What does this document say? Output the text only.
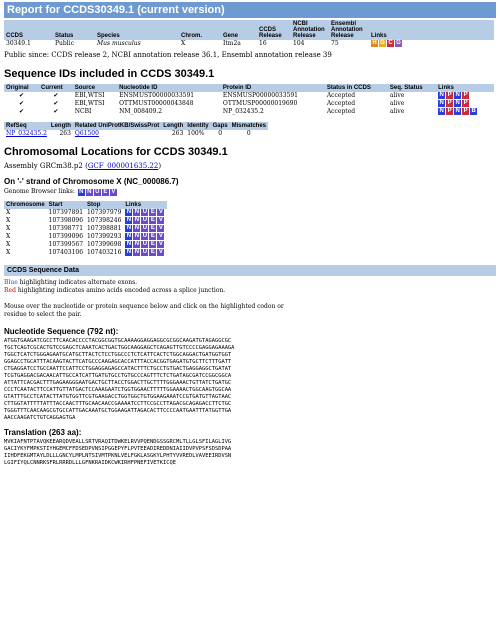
Report for CCDS30349.1 (current version)
CCDS	Status	Species	Chrom.	Gene	CCDS Release	NCBI Annotation Release	Ensembl Annotation Release	Links
30349.1	Public	Mus musculus	X	Itm2a	16	104	75	H G C G
Public since: CCDS release 2, NCBI annotation release 36.1, Ensembl annotation release 39
Sequence IDs included in CCDS 30349.1
Original	Current	Source	Nucleotide ID	Protein ID	Status in CCDS	Seq. Status	Links
✔	✔	EBI,WTSI	ENSMUST00000033591	ENSMUSP00000033591	Accepted	alive	N P N P
✔	✔	EBI,WTSI	OTTMUST00000043848	OTTMUSP00000019690	Accepted	alive	N P N P
✔	✔	NCBI	NM_008409.2	NP_032435.2	Accepted	alive	N P N P B
RefSeq	Length	Related UniProtKB/SwissProt	Length	Identity	Gaps	Mismatches
NP_032435.2	263	Q61500	263	100%	0	0
Chromosomal Locations for CCDS 30349.1
Assembly GRCm38.p2 (GCF_000001635.22)
On '-' strand of Chromosome X (NC_000086.7)
Genome Browser links: N N U E V
Chromosome	Start	Stop	Links
X	107397891	107397979	N N U E V
X	107398096	107398246	N N U E V
X	107398771	107398881	N N U E V
X	107399096	107399293	N N U E V
X	107399567	107399698	N N U E V
X	107403106	107403216	N N U E V
CCDS Sequence Data
Blue highlighting indicates alternate exons.
Red highlighting indicates amino acids encoded across a splice junction.
Mouse over the nucleotide or protein sequence below and click on the highlighted codon or residue to select the pair.
Nucleotide Sequence (792 nt):
ATGGTGAAGATCGCCTTCAACACCCCTACGGCGGTGCAAAAGGAGGAGGCGCGGCAAGATGTAGAGGCGC
TGCTCAGTCGCACTGTCCGAGCTCAAATCACTGACTGGCAAGGAGCTCAGAGTTGTCCCCGAGGAGAAAGA
TGGCTCATCTGGGAGAATGCATGCTTACTCTCCTGGCCCTCTCATTCACTCTGGCAGGACTGATGGTGGT
GGAGCCTGCATTTACAAGTACTTCATGCCCAAGAGCACCATTTACCACGGTGAGATGTGCTTCTTTGATT
CTGAGGATCCTGCCAATTCCATTCCTGGAGGAGAGCCATACTTTCTGCCTGTGACTGAGGAGGCTGATAT
TCGTGAGGACGACAACATTGCCATCATTGATGTGCCTGTGCCCAGTTTCTCTGATAGCGATCCGGCGGCA
ATTATTCACGACTTTGAGAAGGGAATGACTGCTTACCTGGACTTGCTTTTGGGAAACTGTTATCTGATGC
CCCTCAATACTTCCATTGTTATGACTCCAAAGAATCTGGTGGAACTTTTTGGAAAACTGGCAAGTGGCAA
GTATTTGCCTCATACTTATGTGGTTCGTGAAGACCTGGTGGCTGTGGAAGAAATCCGTGATGTTAGTAAC
CTTGGTATTTTTATTTACCAACTTTGCAACAACCGAAAATCCTTCCGCCTTAGACGCAGAGACCTTCTGC
TGGGTTTCAACAAGCGTGCCATTGACAAATGCTGGAAGATTAGACACTTCCCCAATGAATTTATGGTTGA
AACCAAGATCTGTCAGGAGTGA
Translation (263 aa):
MVKIAFNTPTAVQKEEARQDVEALLSRTVRAQITDWKELRVVPQENDGSSGRCMLTLLGLSFILAGLIVG
GACIYKYFMPKSTIYHGEMCFFDSEDPVNSIPGGEPYFLPVTEEADIREDDNIAIIDVPVPSFSDSDPAA
IIHDFEKGMTAYLDLLLGNCYLMPLNTSIVMTPKNLVELFGKLASGKYLPHTYVVREDLVAVEEIRDVSN
LGIFIYQLCNNRKSFRLRRRDLLLGFNKRAIDKCWKIRHFPNEFIVETKICQE
